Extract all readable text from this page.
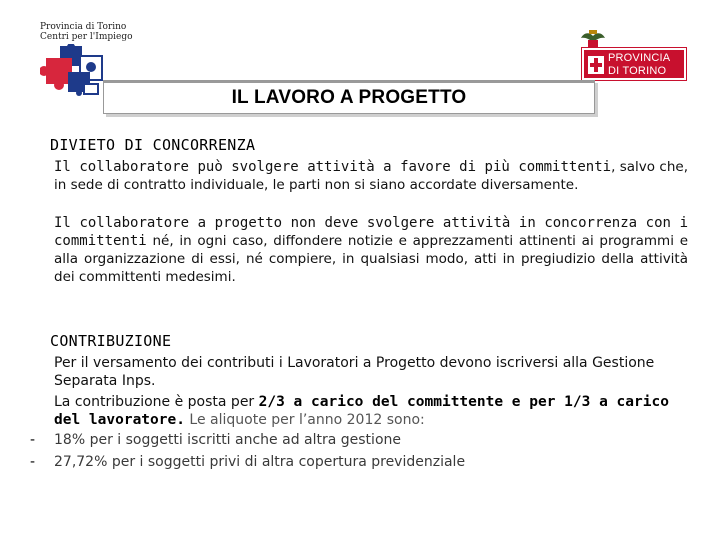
Provincia di Torino
Centri per l'Impiego
PROVINCIA
DI TORINO
IL LAVORO A PROGETTO
DIVIETO DI CONCORRENZA
Il collaboratore può svolgere attività a favore di più committenti, salvo che, in sede di contratto individuale, le parti non si siano accordate diversamente.
Il collaboratore a progetto non deve svolgere attività in concorrenza con i committenti né, in ogni caso, diffondere notizie e apprezzamenti attinenti ai programmi e alla organizzazione di essi, né compiere, in qualsiasi modo, atti in pregiudizio della attività dei committenti medesimi.
CONTRIBUZIONE
Per il versamento dei contributi i Lavoratori a Progetto devono iscriversi alla Gestione Separata Inps.
La contribuzione è posta per 2/3 a carico del committente e per 1/3 a carico del lavoratore. Le aliquote per l’anno 2012 sono:
- 18% per i soggetti iscritti anche ad altra gestione
- 27,72% per i soggetti privi di altra copertura previdenziale
